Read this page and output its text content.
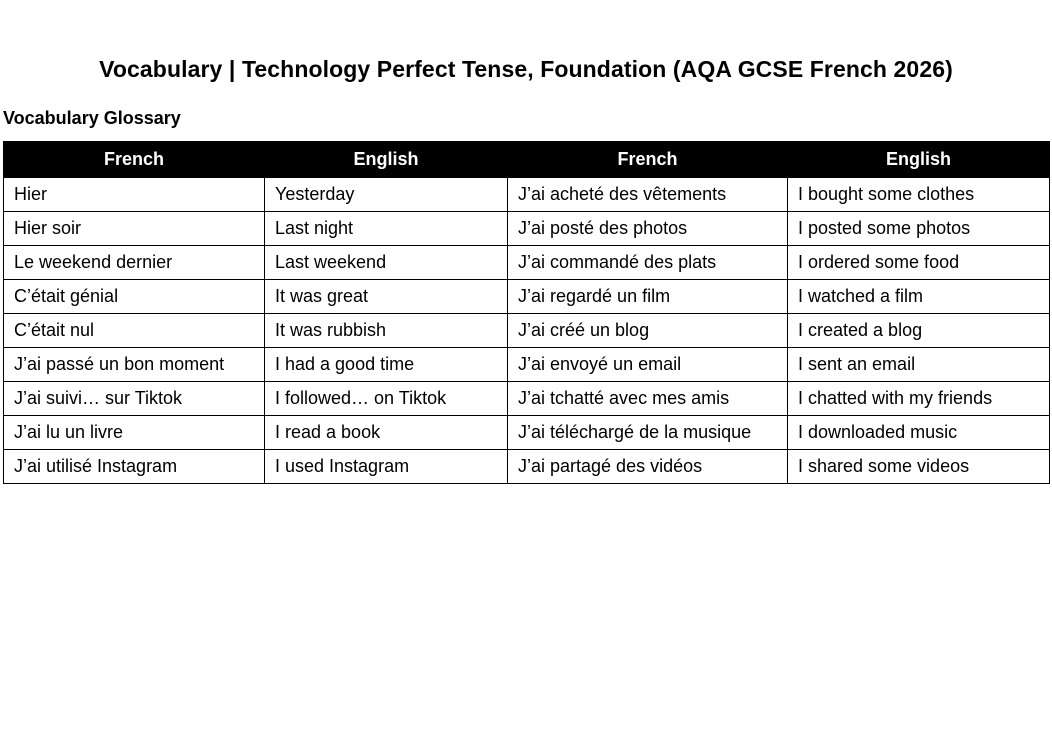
Vocabulary | Technology Perfect Tense, Foundation (AQA GCSE French 2026)
Vocabulary Glossary
French	English	French	English
Hier	Yesterday	J’ai acheté des vêtements	I bought some clothes
Hier soir	Last night	J’ai posté des photos	I posted some photos
Le weekend dernier	Last weekend	J’ai commandé des plats	I ordered some food
C’était génial	It was great	J’ai regardé un film	I watched a film
C’était nul	It was rubbish	J’ai créé un blog	I created a blog
J’ai passé un bon moment	I had a good time	J’ai envoyé un email	I sent an email
J’ai suivi… sur Tiktok	I followed… on Tiktok	J’ai tchatté avec mes amis	I chatted with my friends
J’ai lu un livre	I read a book	J’ai téléchargé de la musique	I downloaded music
J’ai utilisé Instagram	I used Instagram	J’ai partagé des vidéos	I shared some videos
